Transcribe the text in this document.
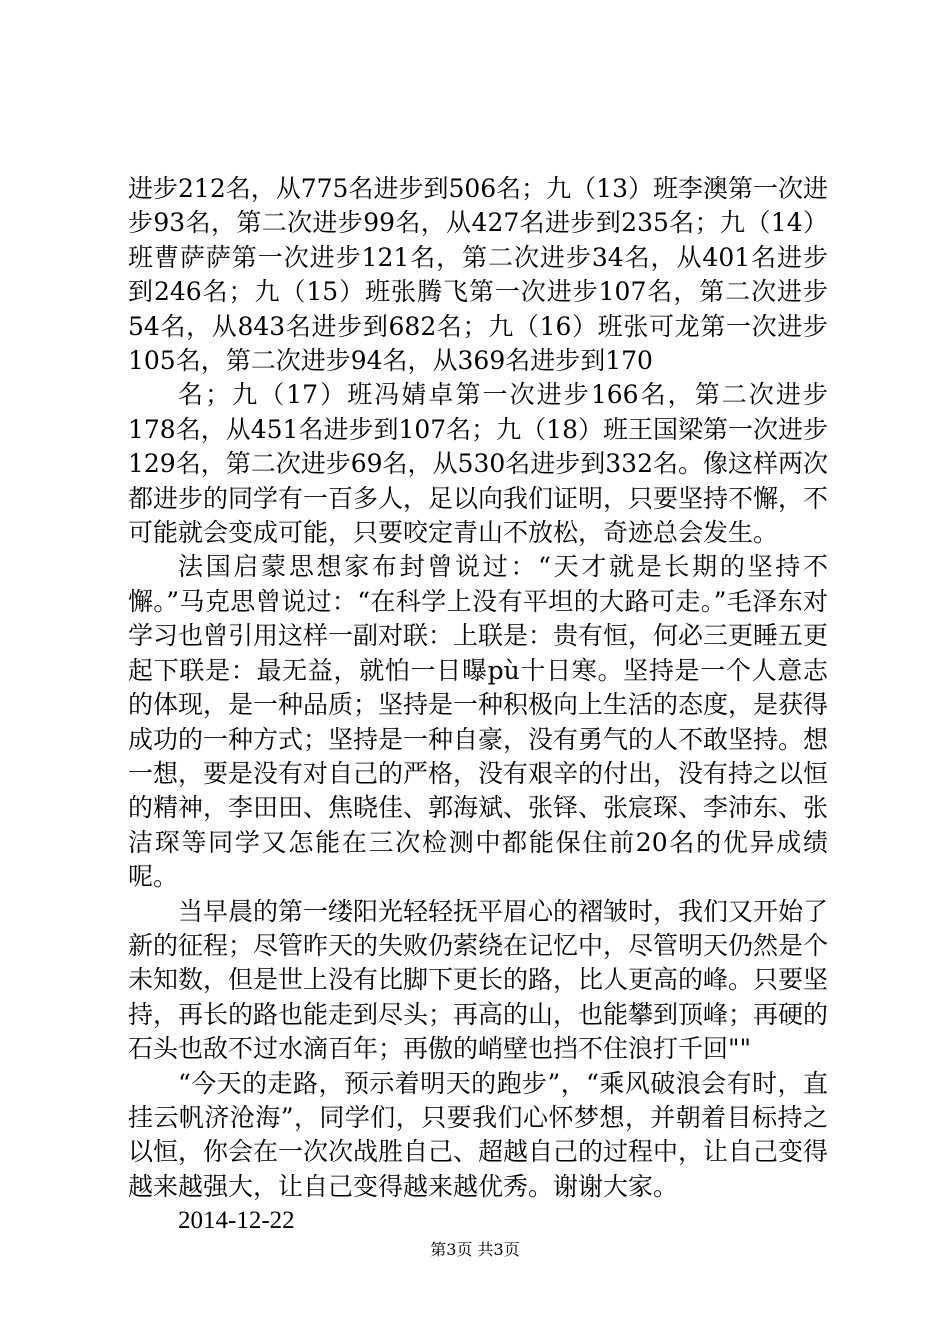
进步212名，从775名进步到506名；九（13）班李澳第一次进步93名，第二次进步99名，从427名进步到235名；九（14）班曹萨萨第一次进步121名，第二次进步34名，从401名进步到246名；九（15）班张腾飞第一次进步107名，第二次进步54名，从843名进步到682名；九（16）班张可龙第一次进步105名，第二次进步94名，从369名进步到170

名；九（17）班冯婧卓第一次进步166名，第二次进步178名，从451名进步到107名；九（18）班王国梁第一次进步129名，第二次进步69名，从530名进步到332名。像这样两次都进步的同学有一百多人，足以向我们证明，只要坚持不懈，不可能就会变成可能，只要咬定青山不放松，奇迹总会发生。

法国启蒙思想家布封曾说过：“天才就是长期的坚持不懈。”马克思曾说过：“在科学上没有平坦的大路可走。”毛泽东对学习也曾引用这样一副对联：上联是：贵有恒，何必三更睡五更起下联是：最无益，就怕一日曝pù十日寒。坚持是一个人意志的体现，是一种品质；坚持是一种积极向上生活的态度，是获得成功的一种方式；坚持是一种自豪，没有勇气的人不敢坚持。想一想，要是没有对自己的严格，没有艰辛的付出，没有持之以恒的精神，李田田、焦晓佳、郭海斌、张铎、张宸琛、李沛东、张洁琛等同学又怎能在三次检测中都能保住前20名的优异成绩呢。

当早晨的第一缕阳光轻轻抚平眉心的褶皱时，我们又开始了新的征程；尽管昨天的失败仍萦绕在记忆中，尽管明天仍然是个未知数，但是世上没有比脚下更长的路，比人更高的峰。只要坚持，再长的路也能走到尽头；再高的山，也能攀到顶峰；再硬的石头也敌不过水滴百年；再傲的峭壁也挡不住浪打千回""

“今天的走路，预示着明天的跑步”，“乘风破浪会有时，直挂云帆济沧海”，同学们，只要我们心怀梦想，并朝着目标持之以恒，你会在一次次战胜自己、超越自己的过程中，让自己变得越来越强大，让自己变得越来越优秀。谢谢大家。

2014-12-22

第3页 共3页
